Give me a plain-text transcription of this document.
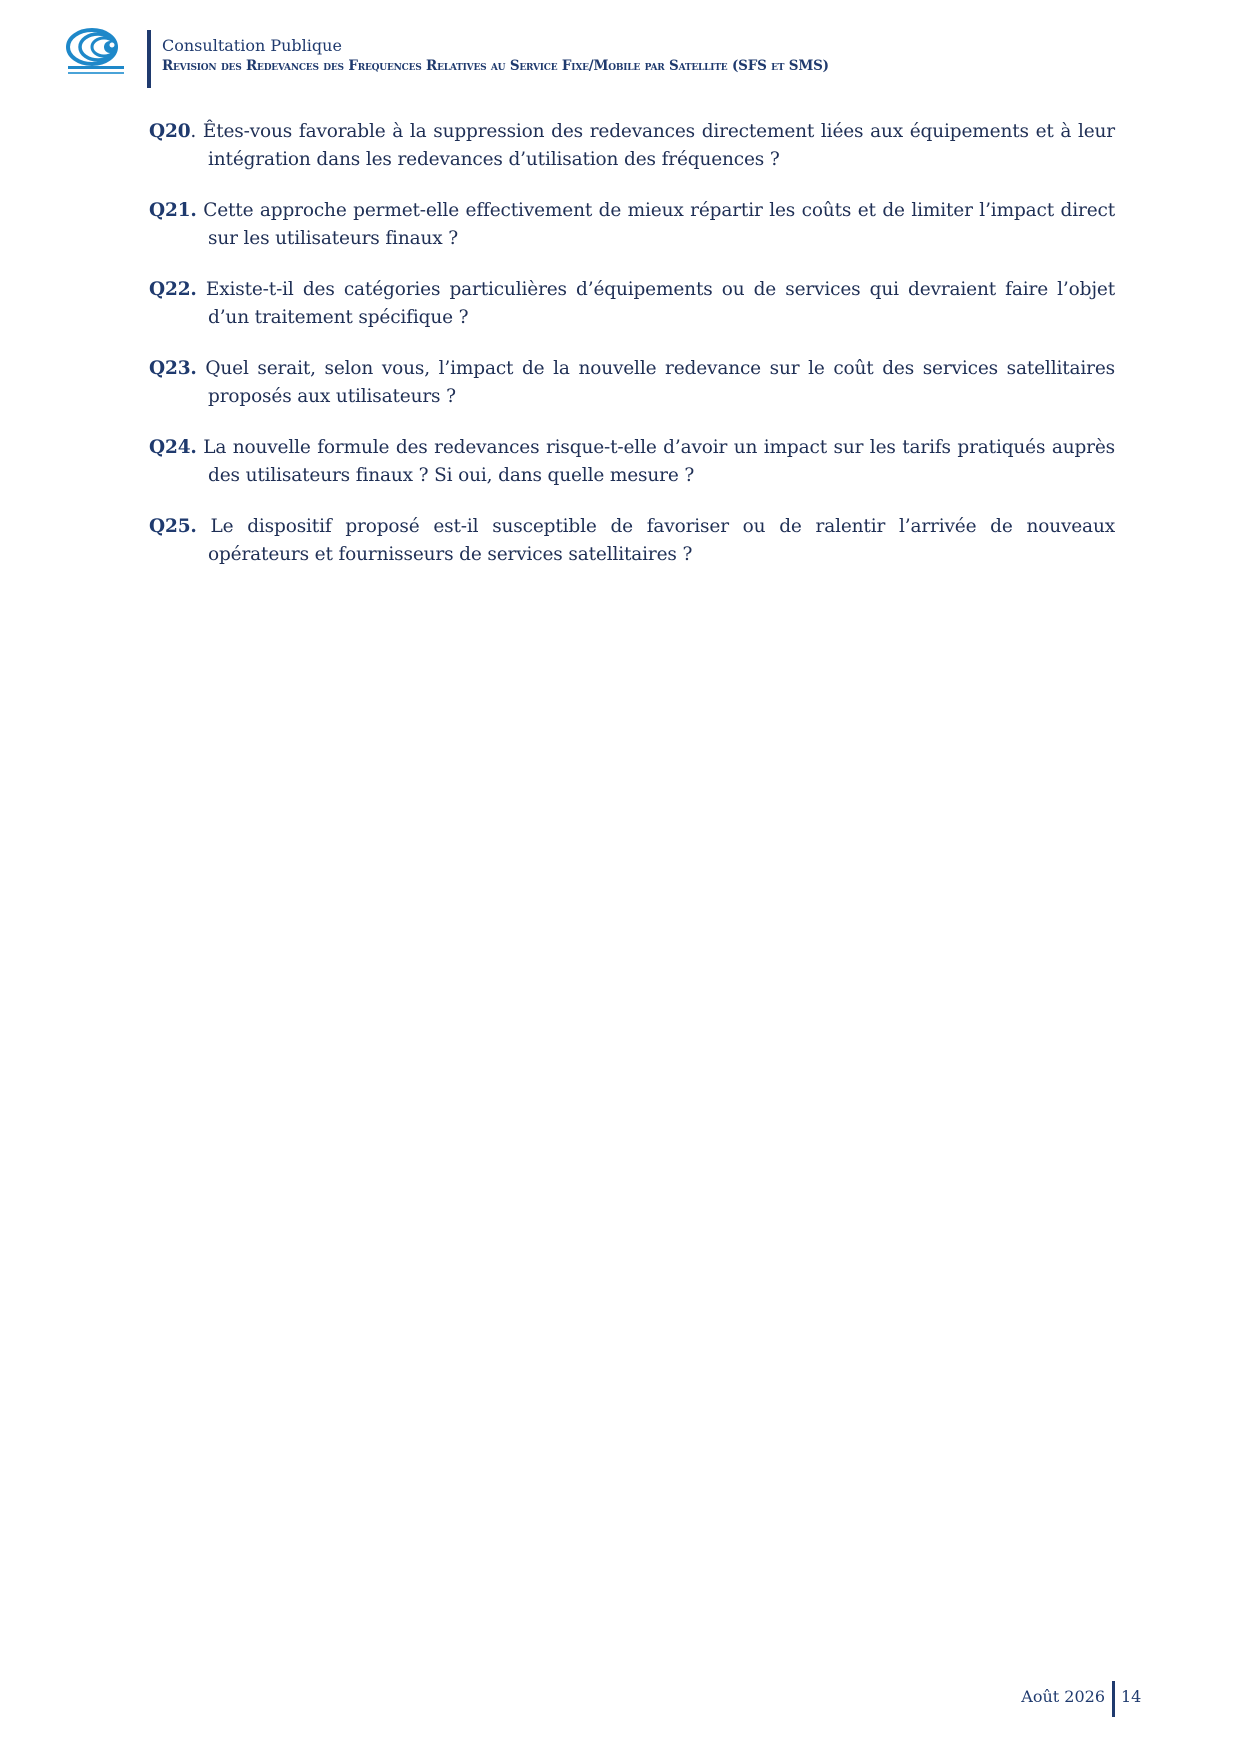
Consultation Publique
Revision des Redevances des Frequences Relatives au Service Fixe/Mobile par Satellite (SFS et SMS)

Q20. Êtes-vous favorable à la suppression des redevances directement liées aux équipements et à leur intégration dans les redevances d’utilisation des fréquences ?

Q21. Cette approche permet-elle effectivement de mieux répartir les coûts et de limiter l’impact direct sur les utilisateurs finaux ?

Q22. Existe-t-il des catégories particulières d’équipements ou de services qui devraient faire l’objet d’un traitement spécifique ?

Q23. Quel serait, selon vous, l’impact de la nouvelle redevance sur le coût des services satellitaires proposés aux utilisateurs ?

Q24. La nouvelle formule des redevances risque-t-elle d’avoir un impact sur les tarifs pratiqués auprès des utilisateurs finaux ? Si oui, dans quelle mesure ?

Q25. Le dispositif proposé est-il susceptible de favoriser ou de ralentir l’arrivée de nouveaux opérateurs et fournisseurs de services satellitaires ?

Août 2026 14
